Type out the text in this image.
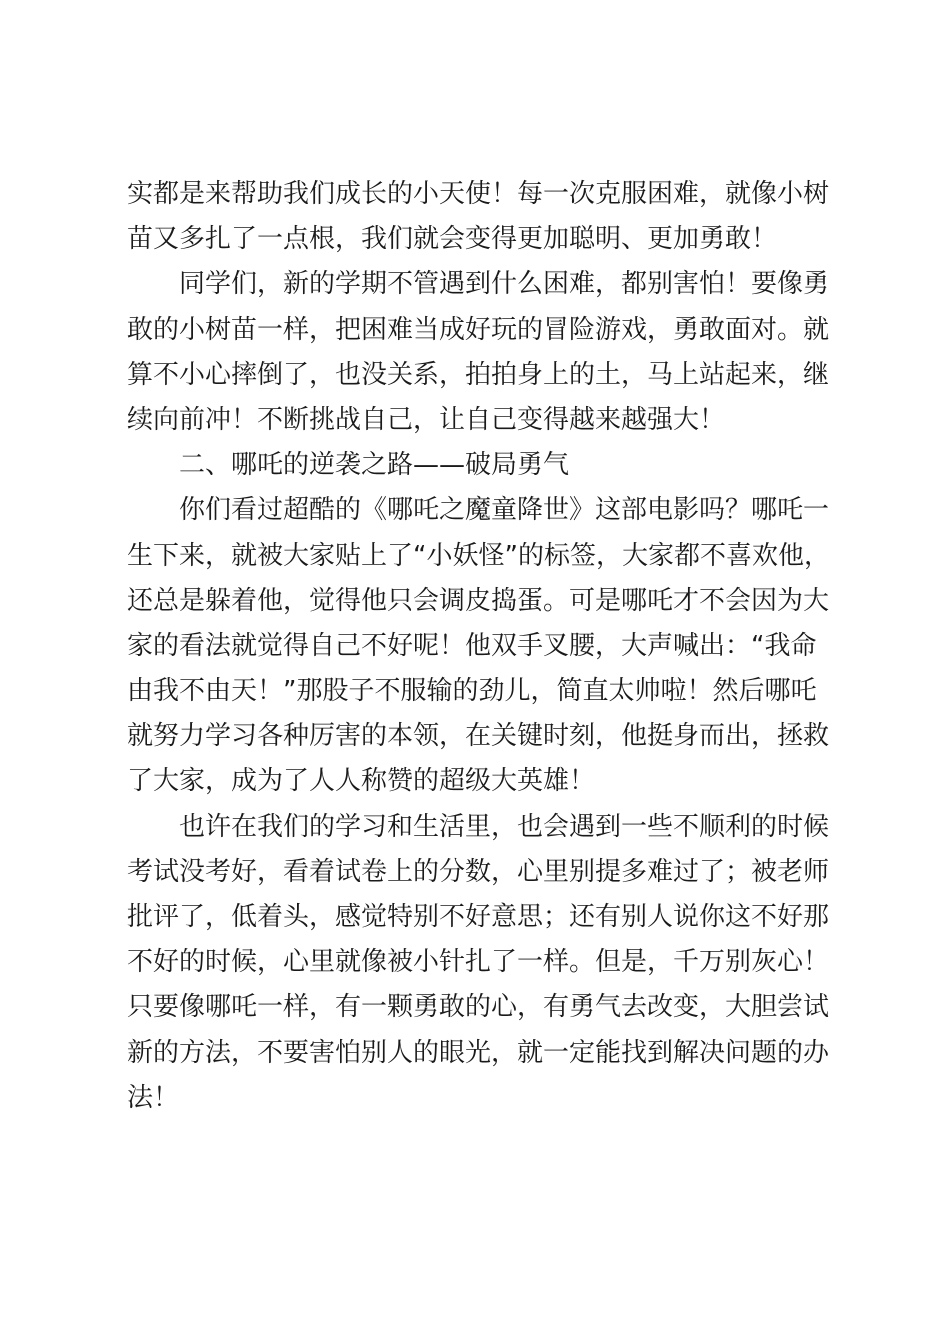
实都是来帮助我们成长的小天使！每一次克服困难，就像小树
苗又多扎了一点根，我们就会变得更加聪明、更加勇敢！
同学们，新的学期不管遇到什么困难，都别害怕！要像勇
敢的小树苗一样，把困难当成好玩的冒险游戏，勇敢面对。就
算不小心摔倒了，也没关系，拍拍身上的土，马上站起来，继
续向前冲！不断挑战自己，让自己变得越来越强大！
二、哪吒的逆袭之路——破局勇气
你们看过超酷的《哪吒之魔童降世》这部电影吗？哪吒一
生下来，就被大家贴上了“小妖怪”的标签，大家都不喜欢他，
还总是躲着他，觉得他只会调皮捣蛋。可是哪吒才不会因为大
家的看法就觉得自己不好呢！他双手叉腰，大声喊出：“我命
由我不由天！”那股子不服输的劲儿，简直太帅啦！然后哪吒
就努力学习各种厉害的本领，在关键时刻，他挺身而出，拯救
了大家，成为了人人称赞的超级大英雄！
也许在我们的学习和生活里，也会遇到一些不顺利的时候
考试没考好，看着试卷上的分数，心里别提多难过了；被老师
批评了，低着头，感觉特别不好意思；还有别人说你这不好那
不好的时候，心里就像被小针扎了一样。但是，千万别灰心！
只要像哪吒一样，有一颗勇敢的心，有勇气去改变，大胆尝试
新的方法，不要害怕别人的眼光，就一定能找到解决问题的办
法！
